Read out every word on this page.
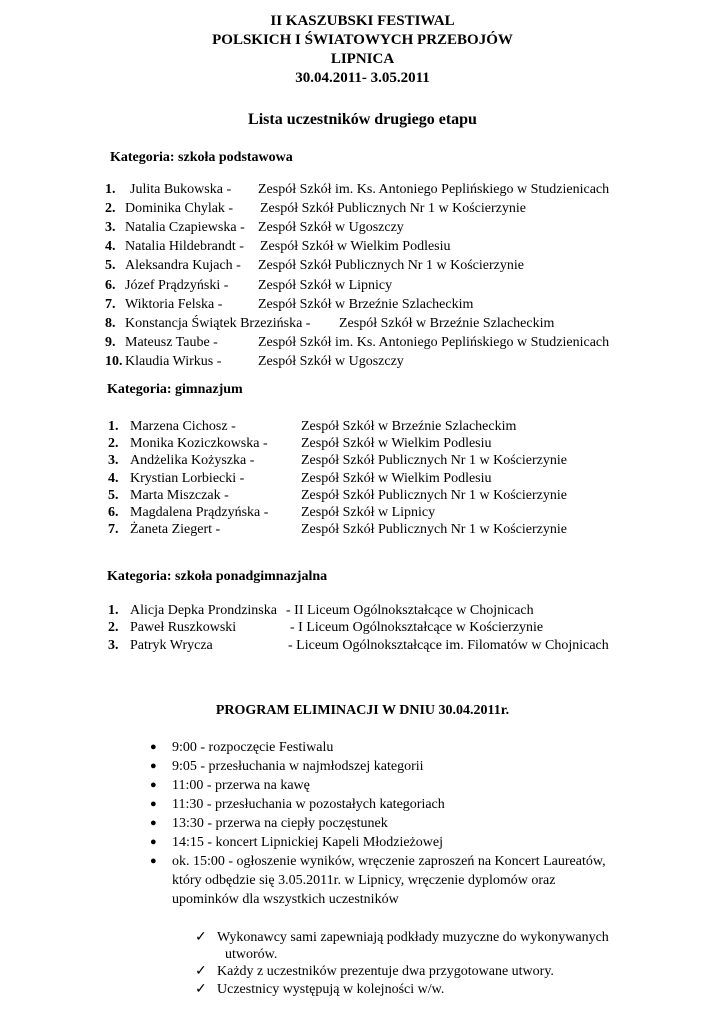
II KASZUBSKI FESTIWAL
POLSKICH I ŚWIATOWYCH PRZEBOJÓW
LIPNICA
30.04.2011- 3.05.2011
Lista uczestników drugiego etapu
Kategoria: szkoła podstawowa
Kategoria: gimnazjum
Kategoria: szkoła ponadgimnazjalna
1. Julita Bukowska - Zespół Szkół im. Ks. Antoniego Peplińskiego w Studzienicach
2. Dominika Chylak - Zespół Szkół Publicznych Nr 1 w Kościerzynie
3. Natalia Czapiewska - Zespół Szkół w Ugoszczy
4. Natalia Hildebrandt - Zespół Szkół w Wielkim Podlesiu
5. Aleksandra Kujach - Zespół Szkół Publicznych Nr 1 w Kościerzynie
6. Józef Prądzyński - Zespół Szkół w Lipnicy
7. Wiktoria Felska -	Zespół Szkół w Brzeźnie Szlacheckim
8. Konstancja Świątek Brzezińska - Zespół Szkół w Brzeźnie Szlacheckim
9. Mateusz Taube -	Zespół Szkół im. Ks. Antoniego Peplińskiego w Studzienicach
10. Klaudia Wirkus -	Zespół Szkół w Ugoszczy
1. Marzena Cichosz -	Zespół Szkół w Brzeźnie Szlacheckim
2. Monika Koziczkowska - Zespół Szkół w Wielkim Podlesiu
3. Andżelika Kożyszka -	Zespół Szkół Publicznych Nr 1 w Kościerzynie
4. Krystian Lorbiecki -	Zespół Szkół w Wielkim Podlesiu
5. Marta Miszczak -	Zespół Szkół Publicznych Nr 1 w Kościerzynie
6. Magdalena Prądzyńska - Zespół Szkół w Lipnicy
7. Żaneta Ziegert -	Zespół Szkół Publicznych Nr 1 w Kościerzynie
1. Alicja Depka Prondzinska - II Liceum Ogólnokształcące w Chojnicach
2. Paweł Ruszkowski	- I Liceum Ogólnokształcące w Kościerzynie
3. Patryk Wrycza	- Liceum Ogólnokształcące im. Filomatów w Chojnicach
PROGRAM ELIMINACJI W DNIU 30.04.2011r.
● 9:00 - rozpoczęcie Festiwalu
● 9:05 - przesłuchania w najmłodszej kategorii
● 11:00 - przerwa na kawę
● 11:30 - przesłuchania w pozostałych kategoriach
● 13:30 - przerwa na ciepły poczęstunek
● 14:15 - koncert Lipnickiej Kapeli Młodzieżowej
● ok. 15:00 - ogłoszenie wyników, wręczenie zaproszeń na Koncert Laureatów,
który odbędzie się 3.05.2011r. w Lipnicy, wręczenie dyplomów oraz
upominków dla wszystkich uczestników
✓ Wykonawcy sami zapewniają podkłady muzyczne do wykonywanych
utworów.
✓ Każdy z uczestników prezentuje dwa przygotowane utwory.
✓ Uczestnicy występują w kolejności w/w.
